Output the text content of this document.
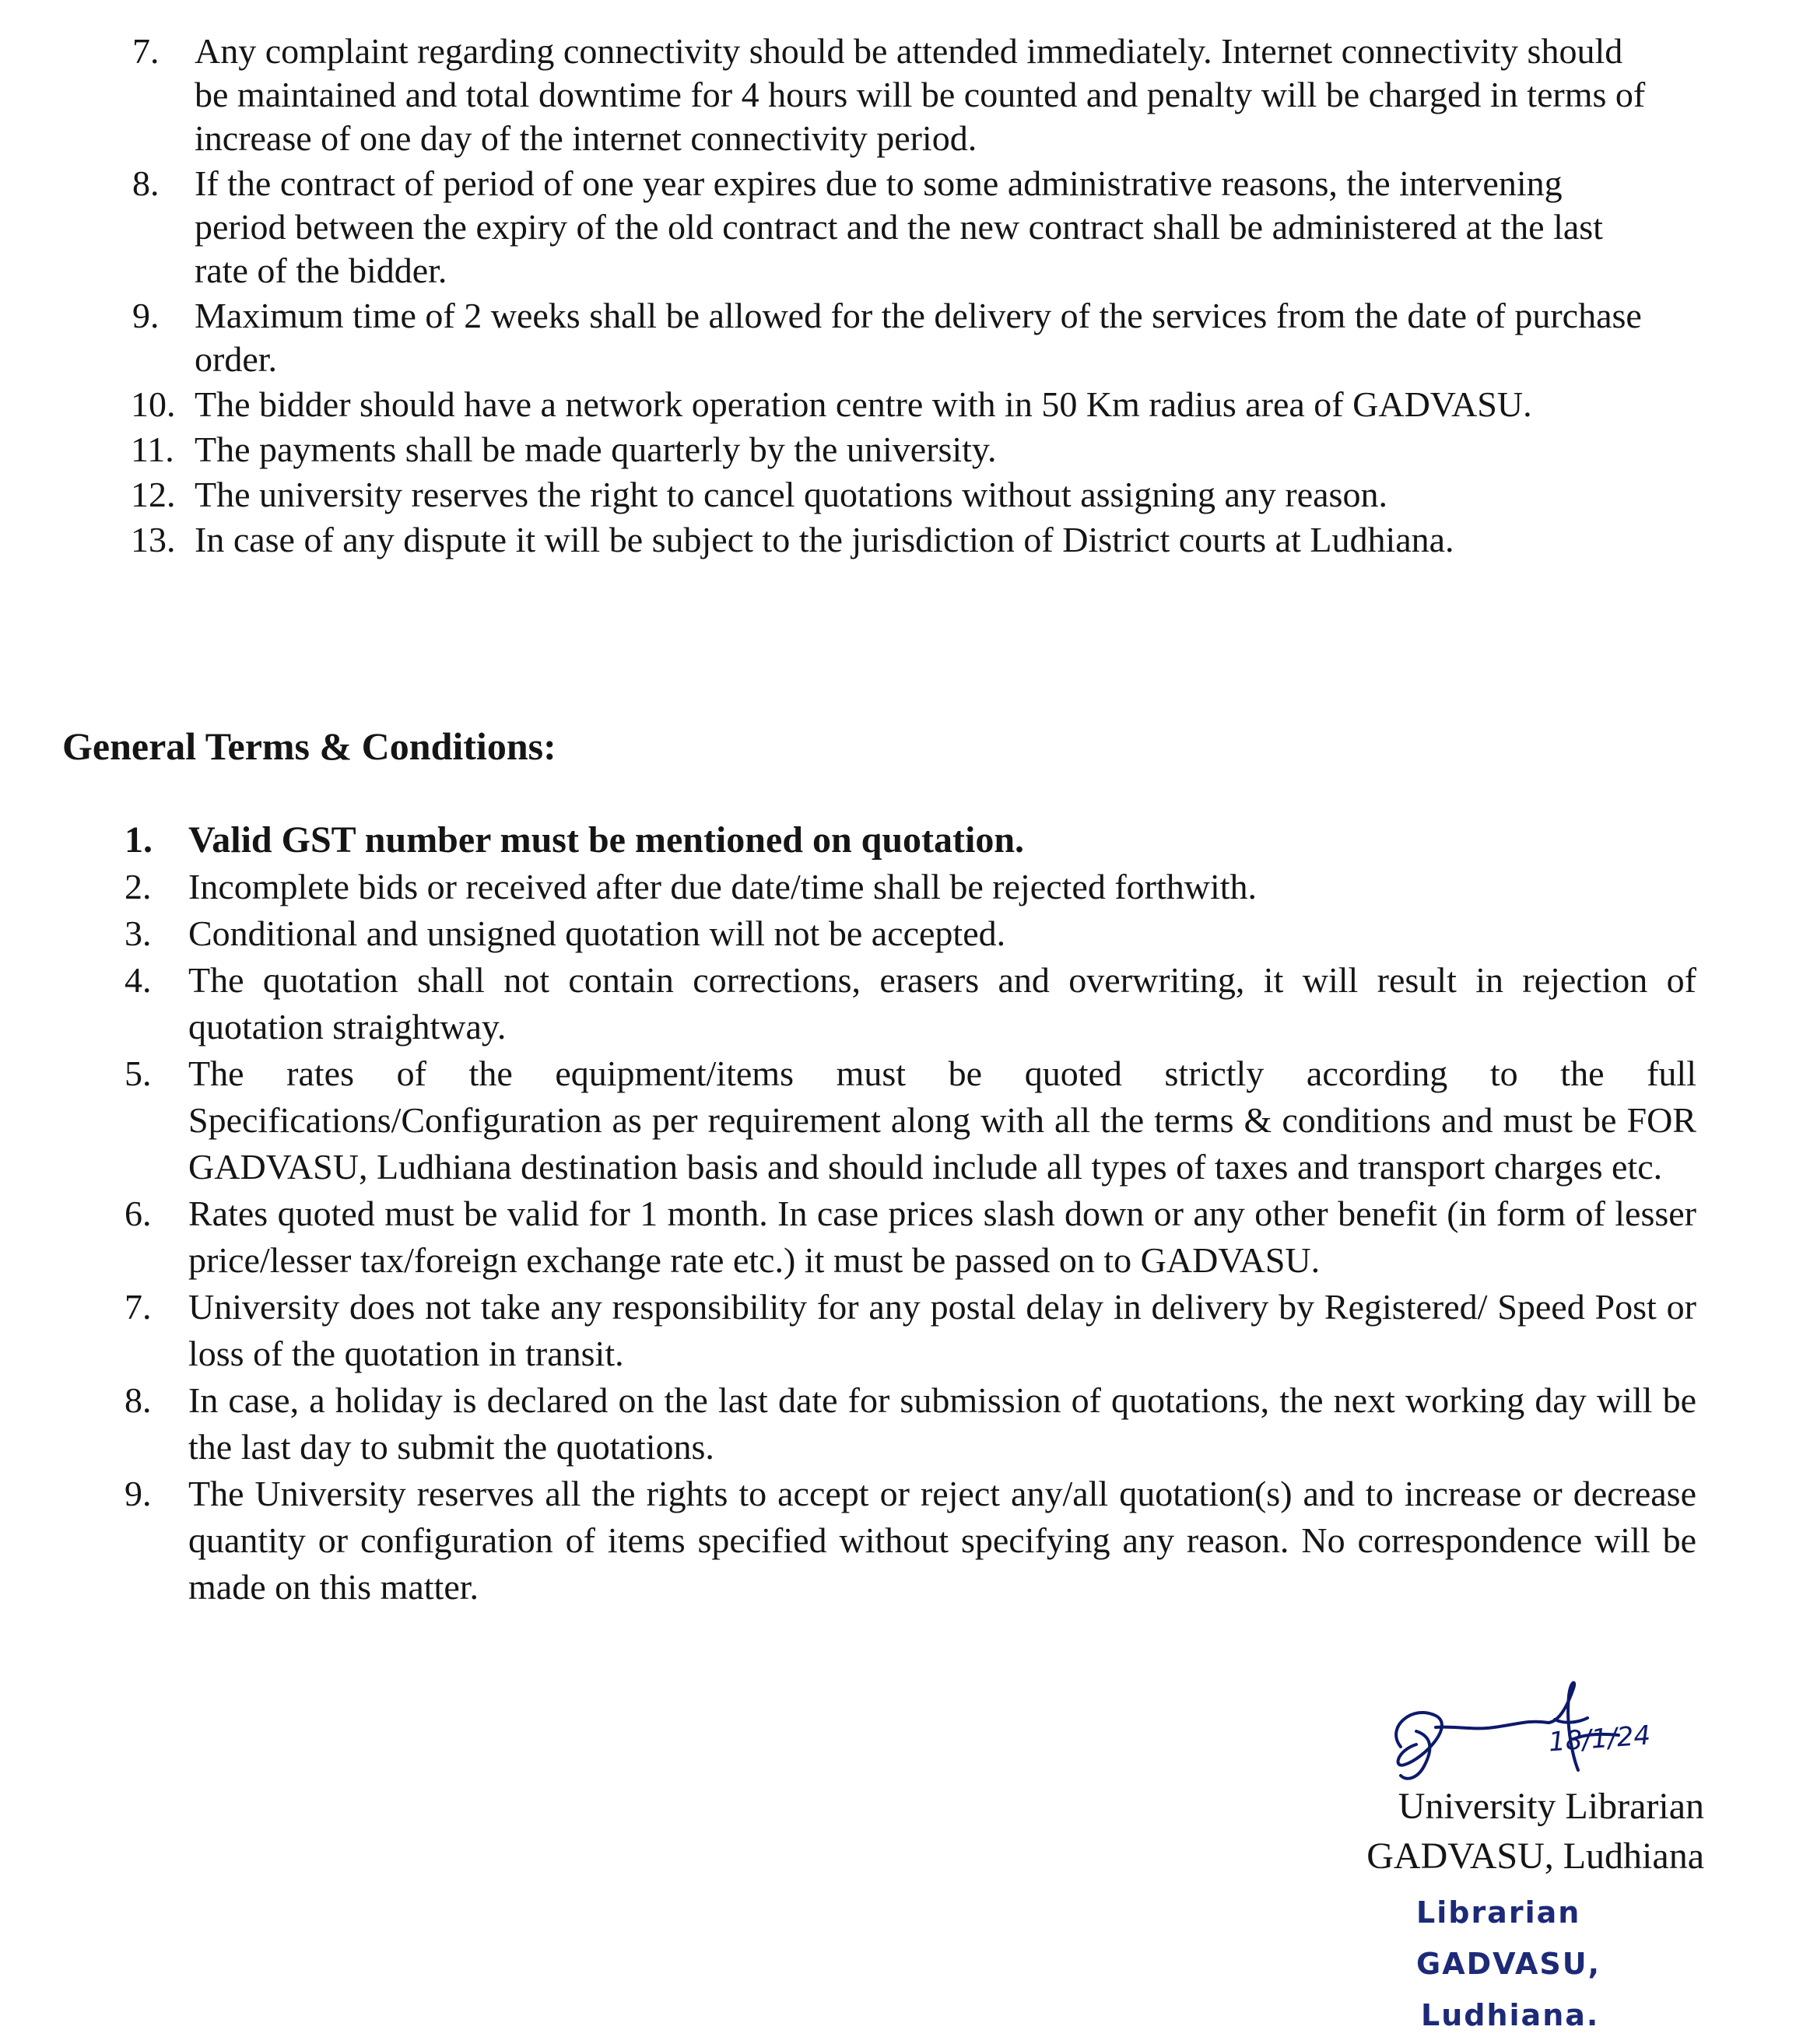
7. Any complaint regarding connectivity should be attended immediately. Internet connectivity should be maintained and total downtime for 4 hours will be counted and penalty will be charged in terms of increase of one day of the internet connectivity period.

8. If the contract of period of one year expires due to some administrative reasons, the intervening period between the expiry of the old contract and the new contract shall be administered at the last rate of the bidder.

9. Maximum time of 2 weeks shall be allowed for the delivery of the services from the date of purchase order.

10. The bidder should have a network operation centre with in 50 Km radius area of GADVASU.

11. The payments shall be made quarterly by the university.

12. The university reserves the right to cancel quotations without assigning any reason.

13. In case of any dispute it will be subject to the jurisdiction of District courts at Ludhiana.

General Terms & Conditions:

1. Valid GST number must be mentioned on quotation.

2.	Incomplete bids or received after due date/time shall be rejected forthwith.

3.	Conditional and unsigned quotation will not be accepted.

4.	The quotation shall not contain corrections, erasers and overwriting, it will result in rejection of quotation straightway.

5.	The rates of the equipment/items must be quoted strictly according to the full Specifications/Configuration as per requirement along with all the terms & conditions and must be FOR GADVASU, Ludhiana destination basis and should include all types of taxes and transport charges etc.

6.	Rates quoted must be valid for 1 month. In case prices slash down or any other benefit (in form of lesser price/lesser tax/foreign exchange rate etc.) it must be passed on to GADVASU.

7.	University does not take any responsibility for any postal delay in delivery by Registered/ Speed Post or loss of the quotation in transit.

8.	In case, a holiday is declared on the last date for submission of quotations, the next working day will be the last day to submit the quotations.

9.	The University reserves all the rights to accept or reject any/all quotation(s) and to increase or decrease quantity or configuration of items specified without specifying any reason. No correspondence will be made on this matter.

18/1/24
University Librarian
GADVASU, Ludhiana
Librarian
GADVASU,
Ludhiana.
